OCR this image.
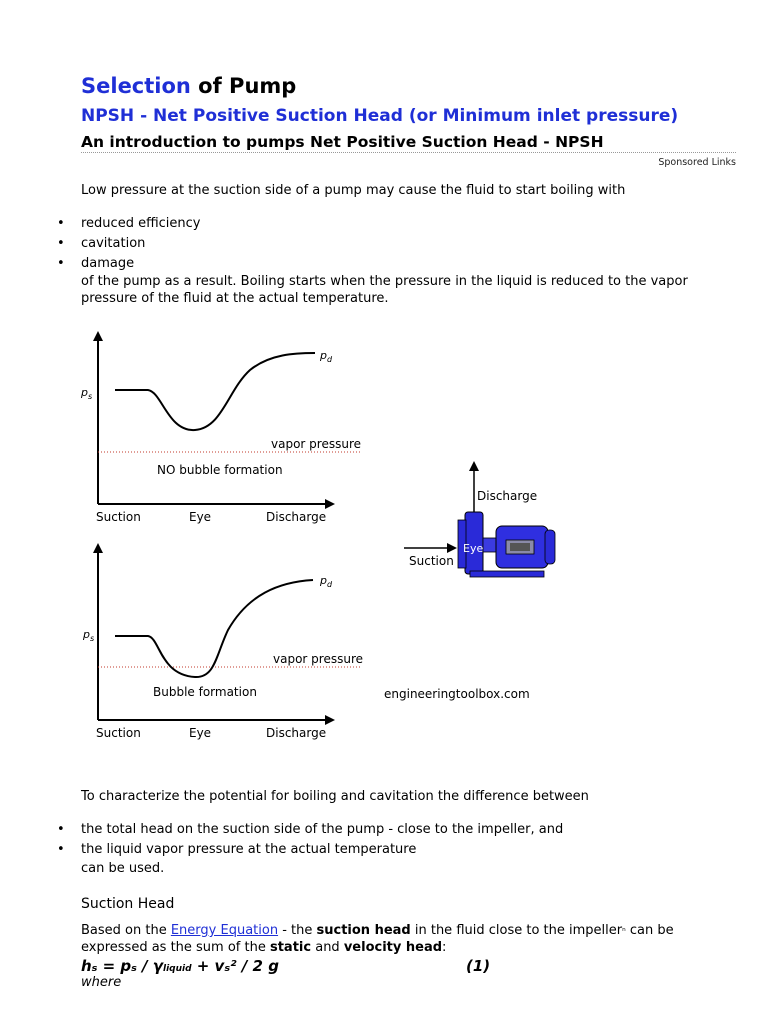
Selection of Pump
NPSH - Net Positive Suction Head (or Minimum inlet pressure)
An introduction to pumps Net Positive Suction Head - NPSH
Sponsored Links
Low pressure at the suction side of a pump may cause the fluid to start boiling with
• reduced efficiency
• cavitation
• damage
of the pump as a result. Boiling starts when the pressure in the liquid is reduced to the vapor
pressure of the fluid at the actual temperature.
$p_s$
$p_d$
vapor pressure
NO bubble formation
Suction	Eye	Discharge
$p_s$
$p_d$
vapor pressure
Bubble formation
Suction	Eye	Discharge
Discharge
Suction
Eye
engineeringtoolbox.com
To characterize the potential for boiling and cavitation the difference between
• the total head on the suction side of the pump - close to the impeller, and
• the liquid vapor pressure at the actual temperature
can be used.
Suction Head
Based on the Energy Equation - the suction head in the fluid close to the impellerⁿ can be
expressed as the sum of the static and velocity head:
hₛ = pₛ / γliquid + vₛ² / 2 g	(1)
where
